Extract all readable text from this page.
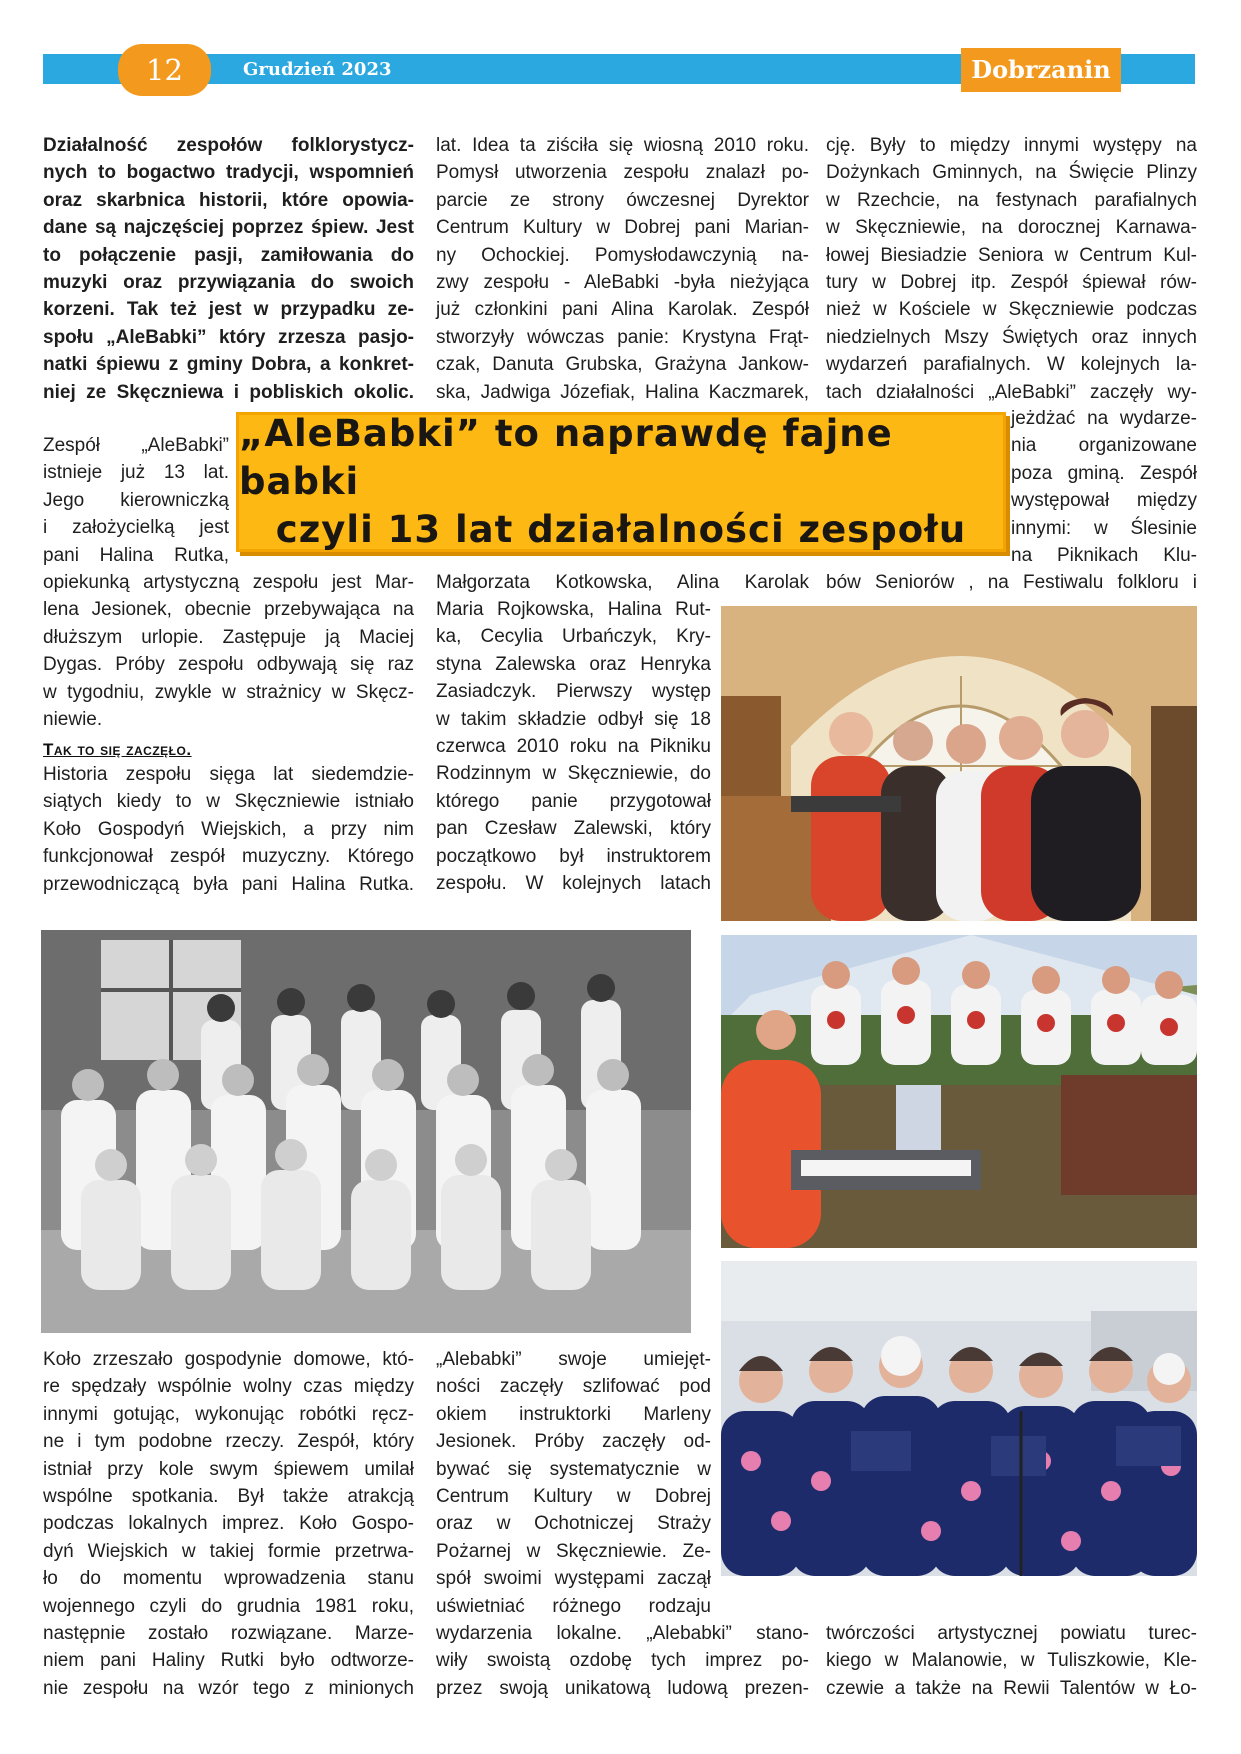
12	Grudzień 2023	Dobrzanin
Działalność zespołów folklorystycz-
nych to bogactwo tradycji, wspomnień
oraz skarbnica historii, które opowia-
dane są najczęściej poprzez śpiew. Jest
to połączenie pasji, zamiłowania do
muzyki oraz przywiązania do swoich
korzeni. Tak też jest w przypadku ze-
społu „AleBabki” który zrzesza pasjo-
natki śpiewu z gminy Dobra, a konkret-
niej ze Skęczniewa i pobliskich okolic.
Zespół „AleBabki”
istnieje już 13 lat.
Jego kierowniczką
i założycielką jest
pani Halina Rutka,
opiekunką artystyczną zespołu jest Mar-
lena Jesionek, obecnie przebywająca na
dłuższym urlopie. Zastępuje ją Maciej
Dygas. Próby zespołu odbywają się raz
w tygodniu, zwykle w strażnicy w Skęcz-
niewie.
Tak to się zaczęło.
Historia zespołu sięga lat siedemdzie-
siątych kiedy to w Skęczniewie istniało
Koło Gospodyń Wiejskich, a przy nim
funkcjonował zespół muzyczny. Którego
przewodniczącą była pani Halina Rutka.
lat. Idea ta ziściła się wiosną 2010 roku.
Pomysł utworzenia zespołu znalazł po-
parcie ze strony ówczesnej Dyrektor
Centrum Kultury w Dobrej pani Marian-
ny Ochockiej. Pomysłodawczynią na-
zwy zespołu - AleBabki -była nieżyjąca
już członkini pani Alina Karolak. Zespół
stworzyły wówczas panie: Krystyna Frąt-
czak, Danuta Grubska, Grażyna Jankow-
ska, Jadwiga Józefiak, Halina Kaczmarek,
Małgorzata Kotkowska, Alina Karolak
Maria Rojkowska, Halina Rut-
ka, Cecylia Urbańczyk, Kry-
styna Zalewska oraz Henryka
Zasiadczyk. Pierwszy występ
w takim składzie odbył się 18
czerwca 2010 roku na Pikniku
Rodzinnym w Skęczniewie, do
którego panie przygotował
pan Czesław Zalewski, który
początkowo był instruktorem
zespołu. W kolejnych latach
cję. Były to między innymi występy na
Dożynkach Gminnych, na Święcie Plinzy
w Rzechcie, na festynach parafialnych
w Skęczniewie, na dorocznej Karnawa-
łowej Biesiadzie Seniora w Centrum Kul-
tury w Dobrej itp. Zespół śpiewał rów-
nież w Kościele w Skęczniewie podczas
niedzielnych Mszy Świętych oraz innych
wydarzeń parafialnych. W kolejnych la-
tach działalności „AleBabki” zaczęły wy-
jeżdżać na wydarze-
nia organizowane
poza gminą. Zespół
występował między
innymi: w Ślesinie
na Piknikach Klu-
bów Seniorów , na Festiwalu folkloru i
„AleBabki” to naprawdę fajne babki
czyli 13 lat działalności zespołu
Koło zrzeszało gospodynie domowe, któ-
re spędzały wspólnie wolny czas między
innymi gotując, wykonując robótki ręcz-
ne i tym podobne rzeczy. Zespół, który
istniał przy kole swym śpiewem umilał
wspólne spotkania. Był także atrakcją
podczas lokalnych imprez. Koło Gospo-
dyń Wiejskich w takiej formie przetrwa-
ło do momentu wprowadzenia stanu
wojennego czyli do grudnia 1981 roku,
następnie zostało rozwiązane. Marze-
niem pani Haliny Rutki było odtworze-
nie zespołu na wzór tego z minionych
„Alebabki” swoje umiejęt-
ności zaczęły szlifować pod
okiem instruktorki Marleny
Jesionek. Próby zaczęły od-
bywać się systematycznie w
Centrum Kultury w Dobrej
oraz w Ochotniczej Straży
Pożarnej w Skęczniewie. Ze-
spół swoimi występami zaczął
uświetniać różnego rodzaju
wydarzenia lokalne. „Alebabki” stano-
wiły swoistą ozdobę tych imprez po-
przez swoją unikatową ludową prezen-
twórczości artystycznej powiatu turec-
kiego w Malanowie, w Tuliszkowie, Kle-
czewie a także na Rewii Talentów w Ło-
